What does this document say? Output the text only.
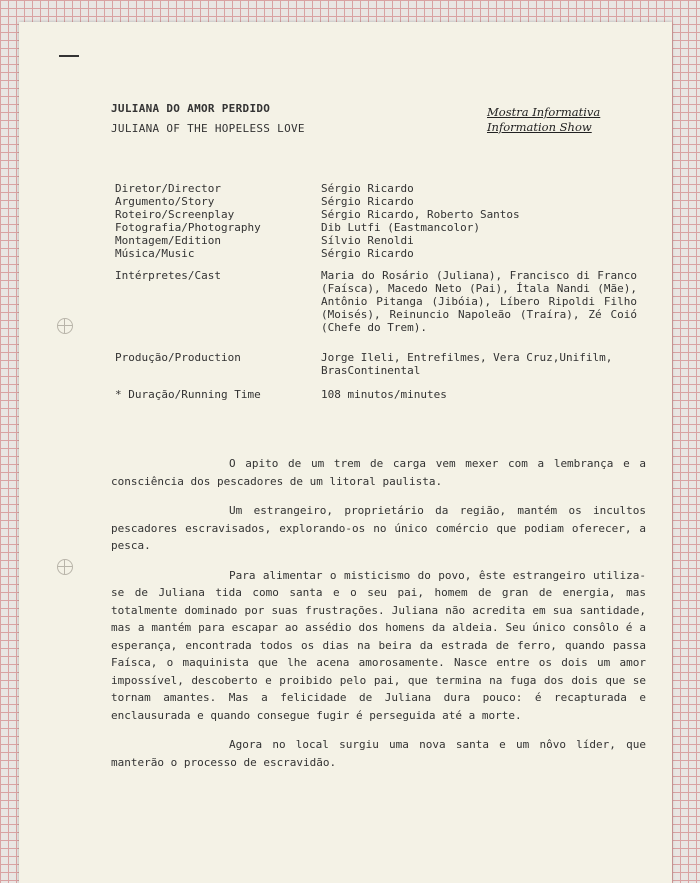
JULIANA DO AMOR PERDIDO
JULIANA OF THE HOPELESS LOVE
Mostra Informativa
Information Show
Diretor/Director	Sérgio Ricardo
Argumento/Story	Sérgio Ricardo
Roteiro/Screenplay	Sérgio Ricardo, Roberto Santos
Fotografia/Photography	Dib Lutfi (Eastmancolor)
Montagem/Edition	Sílvio Renoldi
Música/Music	Sérgio Ricardo
Intérpretes/Cast	Maria do Rosário (Juliana), Francisco di Franco (Faísca), Macedo Neto (Pai), Ítala Nandi (Mãe), Antônio Pitanga (Jibóia), Líbero Ripoldi Filho (Moisés), Reinuncio Napoleão (Traíra), Zé Coió (Chefe do Trem).
Produção/Production	Jorge Ileli, Entrefilmes, Vera Cruz,Unifilm, BrasContinental
* Duração/Running Time	108 minutos/minutes

O apito de um trem de carga vem mexer com a lembrança e a consciência dos pescadores de um litoral paulista.

Um estrangeiro, proprietário da região, mantém os incultos pescadores escravisados, explorando-os no único comércio que podiam oferecer, a pesca.

Para alimentar o misticismo do povo, êste estrangeiro utiliza-se de Juliana tida como santa e o seu pai, homem de gran de energia, mas totalmente dominado por suas frustrações. Juliana não acredita em sua santidade, mas a mantém para escapar ao assédio dos homens da aldeia. Seu único consôlo é a esperança, encontrada todos os dias na beira da estrada de ferro, quando passa Faísca, o maquinista que lhe acena amorosamente. Nasce entre os dois um amor impossível, descoberto e proibido pelo pai, que termina na fuga dos dois que se tornam amantes. Mas a felicidade de Juliana dura pouco: é recapturada e enclausurada e quando consegue fugir é perseguida até a morte.

Agora no local surgiu uma nova santa e um nôvo líder, que manterão o processo de escravidão.
